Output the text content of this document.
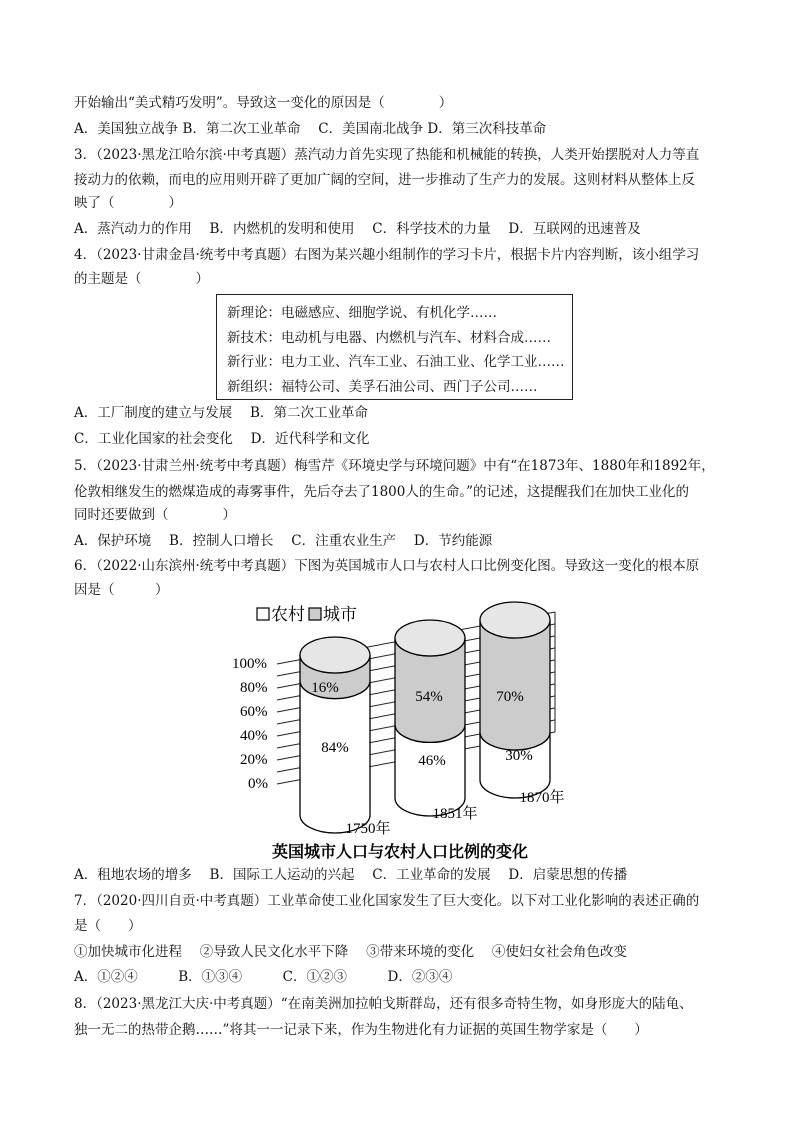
开始输出“美式精巧发明”。导致这一变化的原因是（　　　　）
A．美国独立战争 B．第二次工业革命　 C．美国南北战争 D．第三次科技革命
3．（2023·黑龙江哈尔滨·中考真题）蒸汽动力首先实现了热能和机械能的转换，人类开始摆脱对人力等直
接动力的依赖，而电的应用则开辟了更加广阔的空间，进一步推动了生产力的发展。这则材料从整体上反
映了（　　　　）
A．蒸汽动力的作用　 B．内燃机的发明和使用　 C．科学技术的力量　 D．互联网的迅速普及
4．（2023·甘肃金昌·统考中考真题）右图为某兴趣小组制作的学习卡片，根据卡片内容判断，该小组学习
的主题是（　　　　）
新理论：电磁感应、细胞学说、有机化学……
新技术：电动机与电器、内燃机与汽车、材料合成……
新行业：电力工业、汽车工业、石油工业、化学工业……
新组织：福特公司、美孚石油公司、西门子公司……
A．工厂制度的建立与发展　 B．第二次工业革命
C．工业化国家的社会变化　 D．近代科学和文化
5．（2023·甘肃兰州·统考中考真题）梅雪芹《环境史学与环境问题》中有“在1873年、1880年和1892年，
伦敦相继发生的燃煤造成的毒雾事件，先后夺去了1800人的生命。”的记述，这提醒我们在加快工业化的
同时还要做到（　　　　）
A．保护环境　 B．控制人口增长　 C．注重农业生产　 D．节约能源
6．（2022·山东滨州·统考中考真题）下图为英国城市人口与农村人口比例变化图。导致这一变化的根本原
因是（　　　）
农村 城市
100%
80%
60%
40%
20%
0%
16%
84%
54%
46%
70%
30%
1750年
1851年
1870年
英国城市人口与农村人口比例的变化
A．租地农场的增多　 B．国际工人运动的兴起　 C．工业革命的发展　 D．启蒙思想的传播
7．（2020·四川自贡·中考真题）工业革命使工业化国家发生了巨大变化。以下对工业化影响的表述正确的
是（　　）
①加快城市化进程　 ②导致人民文化水平下降　 ③带来环境的变化　 ④使妇女社会角色改变
A．①②④　　　B．①③④　　　C．①②③　　　D．②③④
8．（2023·黑龙江大庆·中考真题）“在南美洲加拉帕戈斯群岛，还有很多奇特生物，如身形庞大的陆龟、
独一无二的热带企鹅……”将其一一记录下来，作为生物进化有力证据的英国生物学家是（　　）
